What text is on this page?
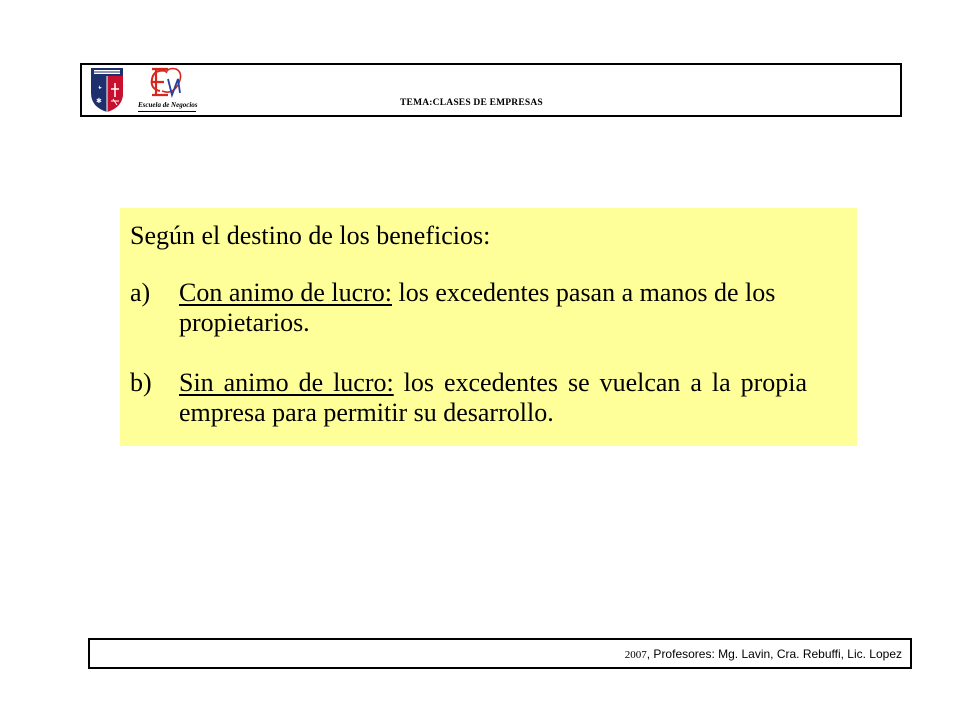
✱	Escuela de Negocios	TEMA:CLASES DE EMPRESAS
Según el destino de los beneficios:
a) Con animo de lucro: los excedentes pasan a manos de los propietarios.
b) Sin animo de lucro: los excedentes se vuelcan a la propia empresa para permitir su desarrollo.
2007, Profesores: Mg. Lavin, Cra. Rebuffi, Lic. Lopez
